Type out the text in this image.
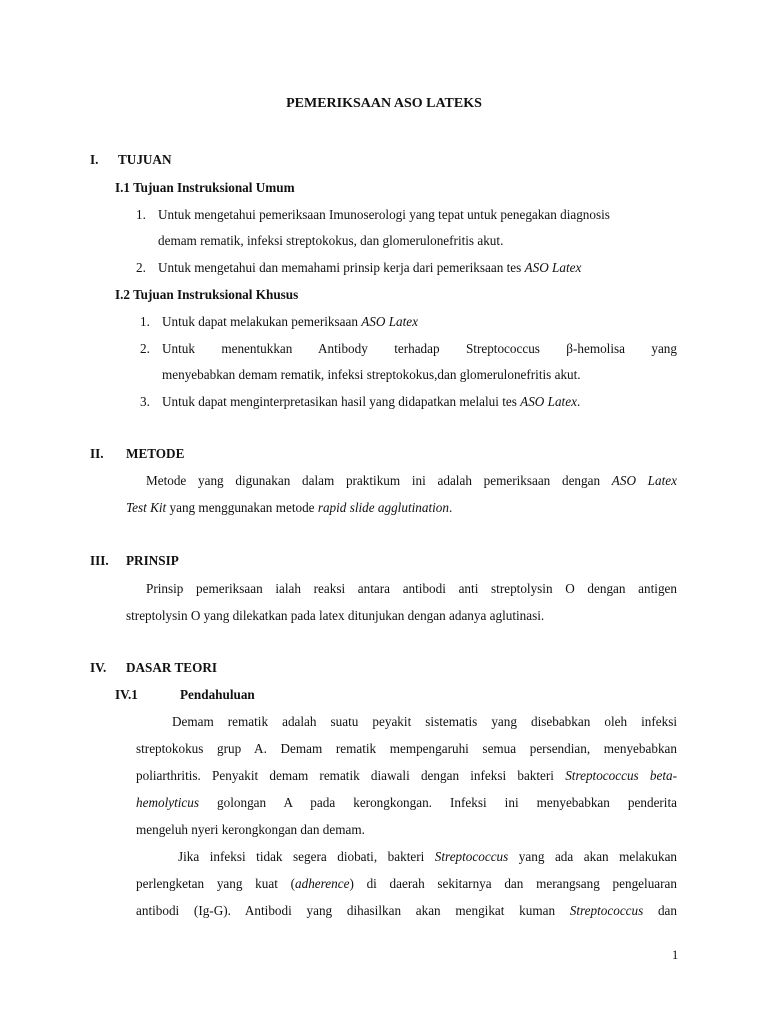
PEMERIKSAAN ASO LATEKS
I. TUJUAN
I.1 Tujuan Instruksional Umum
1. Untuk mengetahui pemeriksaan Imunoserologi yang tepat untuk penegakan diagnosis
demam rematik, infeksi streptokokus, dan glomerulonefritis akut.
2. Untuk mengetahui dan memahami prinsip kerja dari pemeriksaan tes ASO Latex
I.2 Tujuan Instruksional Khusus
1. Untuk dapat melakukan pemeriksaan ASO Latex
2. Untuk menentukkan Antibody terhadap Streptococcus β-hemolisa yang
menyebabkan demam rematik, infeksi streptokokus,dan glomerulonefritis akut.
3. Untuk dapat menginterpretasikan hasil yang didapatkan melalui tes ASO Latex.
II. METODE
Metode yang digunakan dalam praktikum ini adalah pemeriksaan dengan ASO Latex
Test Kit yang menggunakan metode rapid slide agglutination.
III. PRINSIP
Prinsip pemeriksaan ialah reaksi antara antibodi anti streptolysin O dengan antigen
streptolysin O yang dilekatkan pada latex ditunjukan dengan adanya aglutinasi.
IV. DASAR TEORI
IV.1	Pendahuluan
Demam rematik adalah suatu peyakit sistematis yang disebabkan oleh infeksi
streptokokus grup A. Demam rematik mempengaruhi semua persendian, menyebabkan
poliarthritis. Penyakit demam rematik diawali dengan infeksi bakteri Streptococcus beta-
hemolyticus golongan A pada kerongkongan. Infeksi ini menyebabkan penderita
mengeluh nyeri kerongkongan dan demam.
Jika infeksi tidak segera diobati, bakteri Streptococcus yang ada akan melakukan
perlengketan yang kuat (adherence) di daerah sekitarnya dan merangsang pengeluaran
antibodi (Ig-G). Antibodi yang dihasilkan akan mengikat kuman Streptococcus dan
1
